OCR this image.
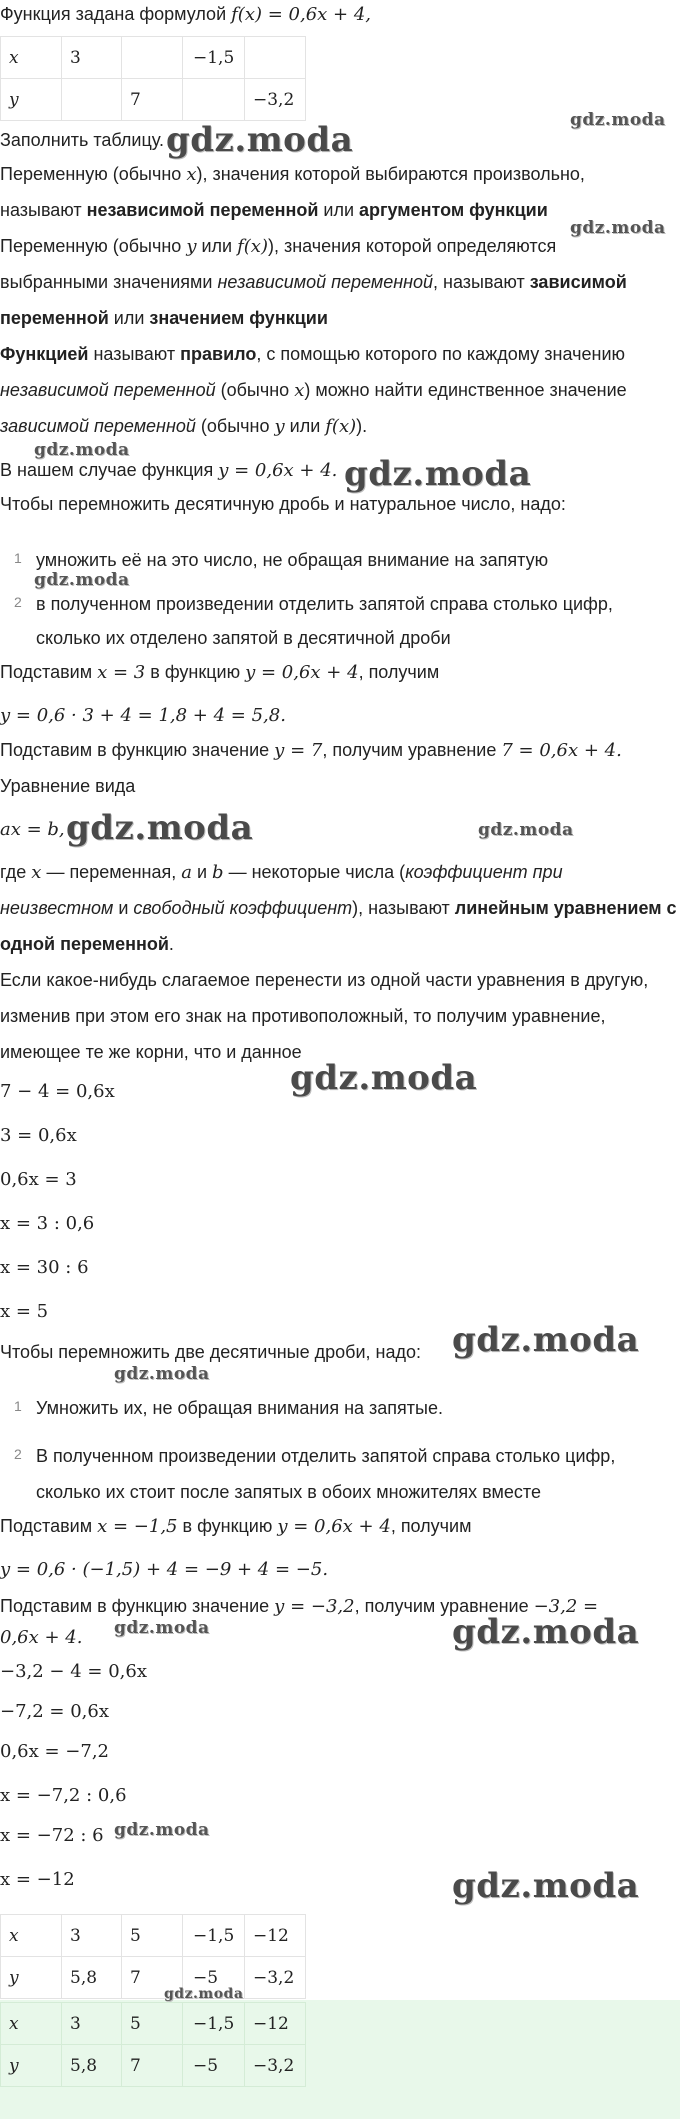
Функция задана формулой f(x) = 0,6x + 4,
x	3		−1,5	
y		7		−3,2
Заполнить таблицу.
Переменную (обычно x), значения которой выбираются произвольно,
называют независимой переменной или аргументом функции
Переменную (обычно y или f(x)), значения которой определяются
выбранными значениями независимой переменной, называют зависимой
переменной или значением функции
Функцией называют правило, с помощью которого по каждому значению
независимой переменной (обычно x) можно найти единственное значение
зависимой переменной (обычно y или f(x)).
В нашем случае функция y = 0,6x + 4.
Чтобы перемножить десятичную дробь и натуральное число, надо:
1 умножить её на это число, не обращая внимание на запятую
2 в полученном произведении отделить запятой справа столько цифр,
сколько их отделено запятой в десятичной дроби
Подставим x = 3 в функцию y = 0,6x + 4, получим
y = 0,6 · 3 + 4 = 1,8 + 4 = 5,8.
Подставим в функцию значение y = 7, получим уравнение 7 = 0,6x + 4.
Уравнение вида
ax = b,
где x — переменная, a и b — некоторые числа (коэффициент при
неизвестном и свободный коэффициент), называют линейным уравнением с
одной переменной.
Если какое-нибудь слагаемое перенести из одной части уравнения в другую,
изменив при этом его знак на противоположный, то получим уравнение,
имеющее те же корни, что и данное
7 − 4 = 0,6x
3 = 0,6x
0,6x = 3
x = 3 : 0,6
x = 30 : 6
x = 5
Чтобы перемножить две десятичные дроби, надо:
1 Умножить их, не обращая внимания на запятые.
2 В полученном произведении отделить запятой справа столько цифр,
сколько их стоит после запятых в обоих множителях вместе
Подставим x = −1,5 в функцию y = 0,6x + 4, получим
y = 0,6 · (−1,5) + 4 = −9 + 4 = −5.
Подставим в функцию значение y = −3,2, получим уравнение −3,2 =
0,6x + 4.
−3,2 − 4 = 0,6x
−7,2 = 0,6x
0,6x = −7,2
x = −7,2 : 0,6
x = −72 : 6
x = −12
x	3	5	−1,5	−12
y	5,8	7	−5	−3,2
x	3	5	−1,5	−12
y	5,8	7	−5	−3,2
gdz.moda	gdz.moda
gdz.moda
gdz.moda
gdz.moda
gdz.moda
gdz.moda	gdz.moda
gdz.moda
gdz.moda
gdz.moda
gdz.moda	gdz.moda
gdz.moda
gdz.moda
gdz.moda
